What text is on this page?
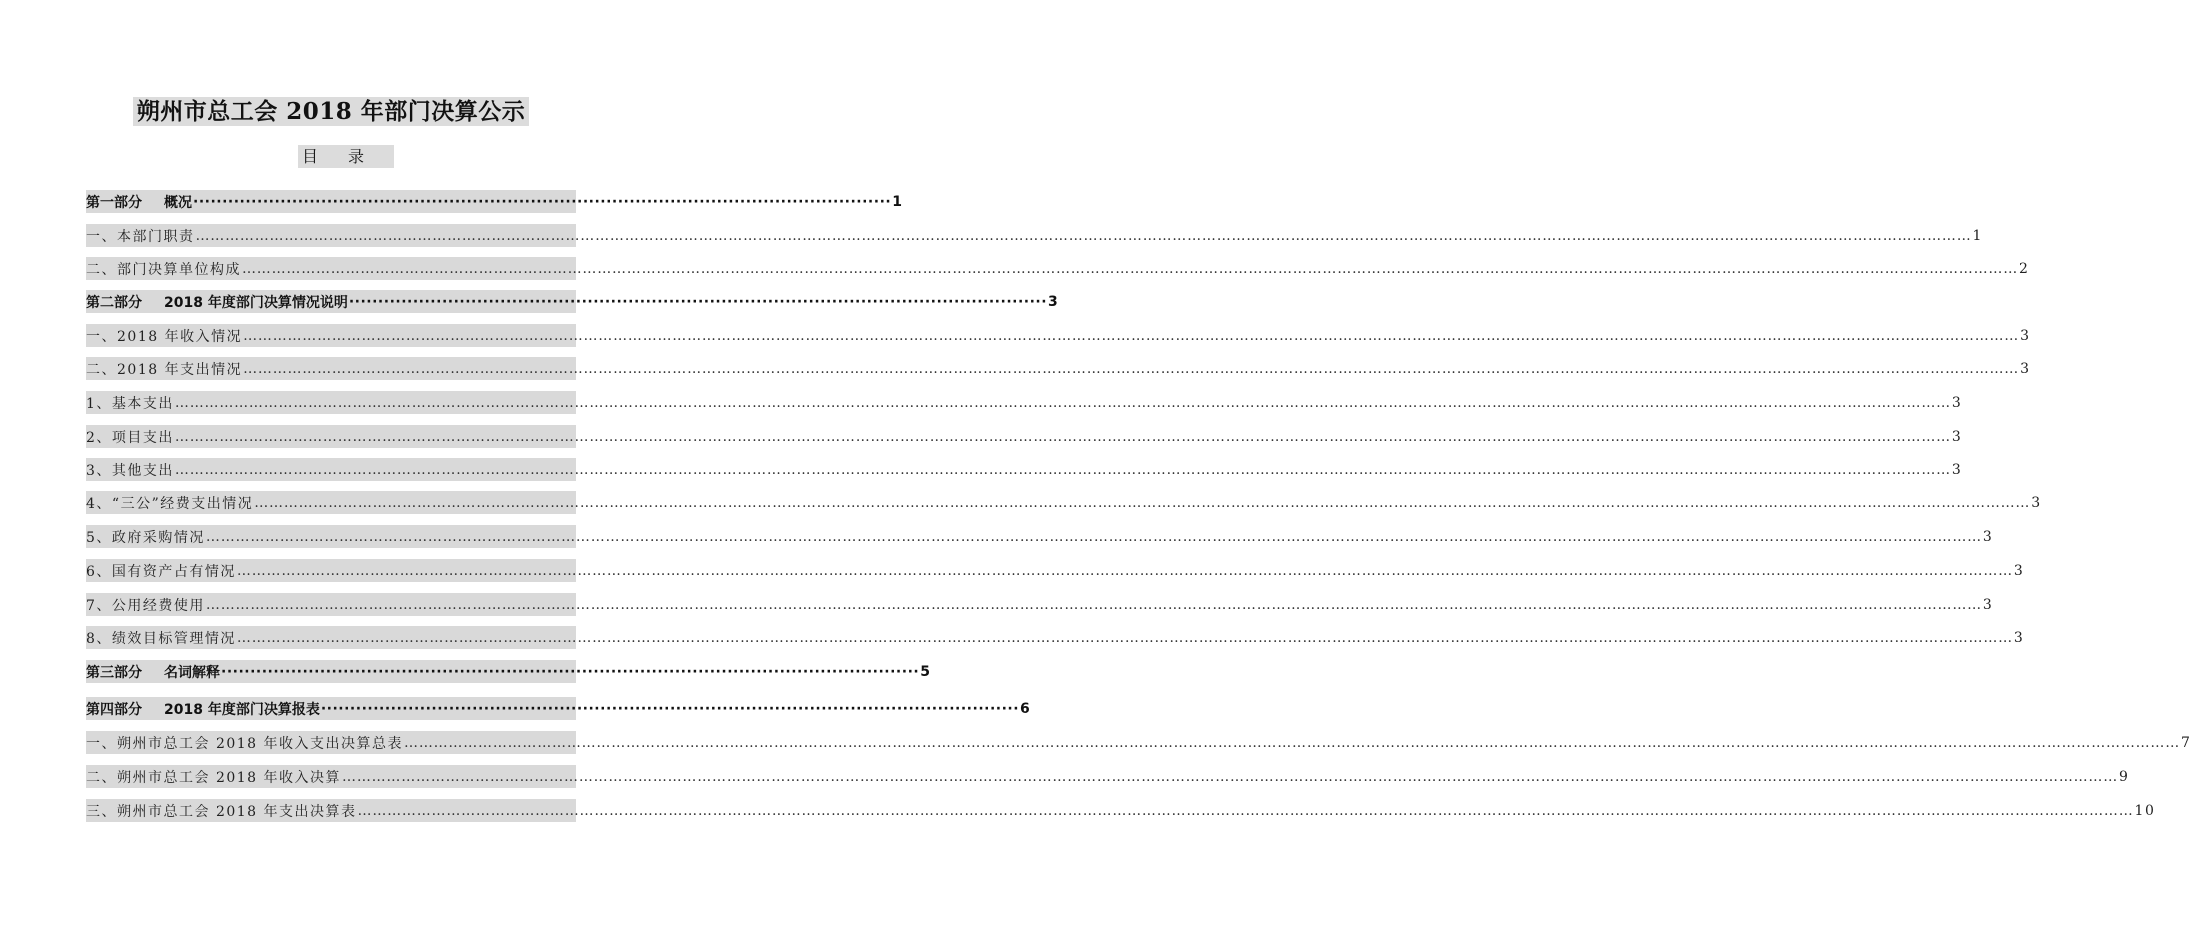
朔州市总工会 2018 年部门决算公示
目录
第一部分 概况 ························································································································ 1
一、本部门职责 ……………………………………………………………………………………………………………………………………………………………………………………………………………………………………………………………………………………………………………………………… 1
二、部门决算单位构成 ……………………………………………………………………………………………………………………………………………………………………………………………………………………………………………………………………………………………………………………………… 2
第二部分 2018 年度部门决算情况说明 ························································································································ 3
一、2018 年收入情况 ……………………………………………………………………………………………………………………………………………………………………………………………………………………………………………………………………………………………………………………………… 3
二、2018 年支出情况 ……………………………………………………………………………………………………………………………………………………………………………………………………………………………………………………………………………………………………………………………… 3
1、基本支出 ……………………………………………………………………………………………………………………………………………………………………………………………………………………………………………………………………………………………………………………………… 3
2、项目支出 ……………………………………………………………………………………………………………………………………………………………………………………………………………………………………………………………………………………………………………………………… 3
3、其他支出 ……………………………………………………………………………………………………………………………………………………………………………………………………………………………………………………………………………………………………………………………… 3
4、“三公”经费支出情况 ……………………………………………………………………………………………………………………………………………………………………………………………………………………………………………………………………………………………………………………………… 3
5、政府采购情况 ……………………………………………………………………………………………………………………………………………………………………………………………………………………………………………………………………………………………………………………………… 3
6、国有资产占有情况 ……………………………………………………………………………………………………………………………………………………………………………………………………………………………………………………………………………………………………………………………… 3
7、公用经费使用 ……………………………………………………………………………………………………………………………………………………………………………………………………………………………………………………………………………………………………………………………… 3
8、绩效目标管理情况 ……………………………………………………………………………………………………………………………………………………………………………………………………………………………………………………………………………………………………………………………… 3
第三部分 名词解释 ························································································································ 5
第四部分 2018 年度部门决算报表 ························································································································ 6
一、朔州市总工会 2018 年收入支出决算总表 ……………………………………………………………………………………………………………………………………………………………………………………………………………………………………………………………………………………………………………………………… 7
二、朔州市总工会 2018 年收入决算 ……………………………………………………………………………………………………………………………………………………………………………………………………………………………………………………………………………………………………………………………… 9
三、朔州市总工会 2018 年支出决算表 ……………………………………………………………………………………………………………………………………………………………………………………………………………………………………………………………………………………………………………………………… 10
